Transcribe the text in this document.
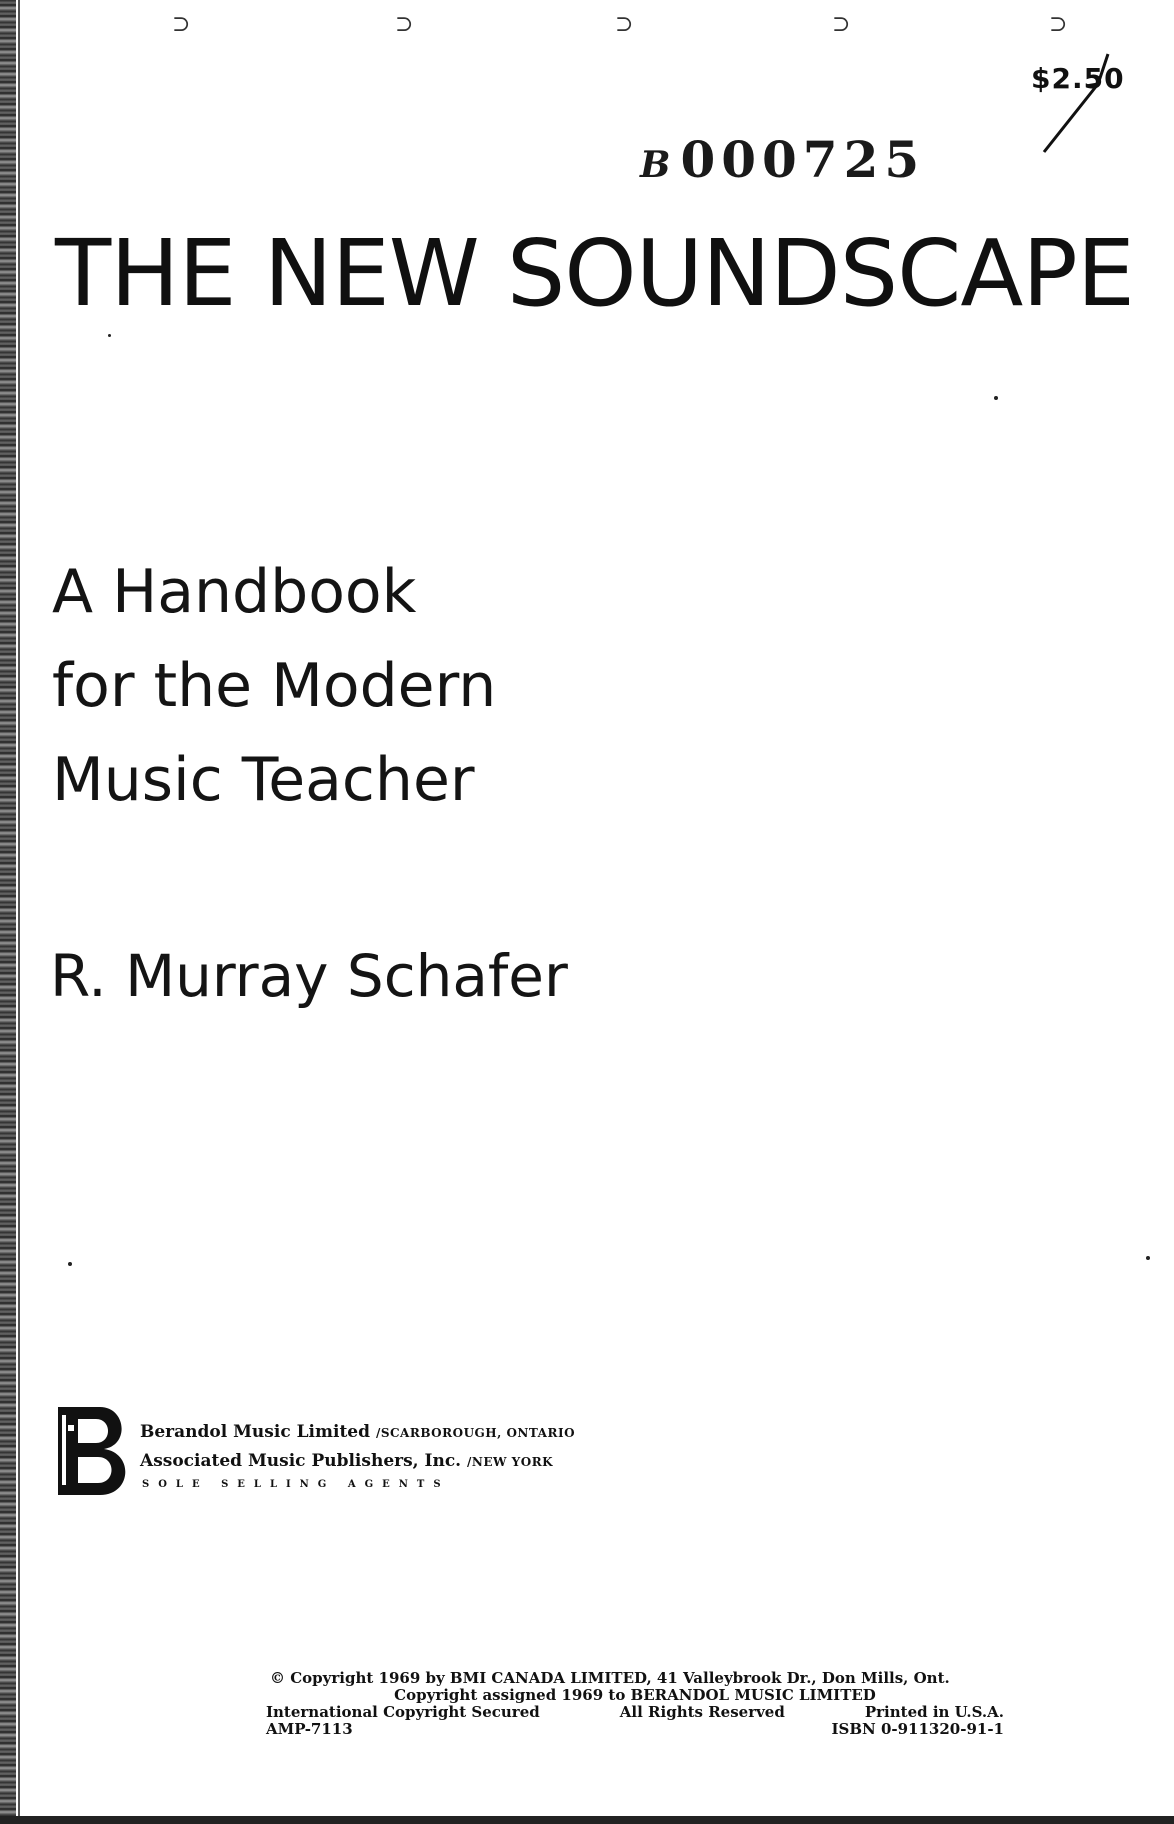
⊃	⊃	⊃	⊃	⊃
$2.50
B000725
THE NEW SOUNDSCAPE
A Handbook
for the Modern
Music Teacher
R. Murray Schafer
Berandol Music Limited /SCARBOROUGH, ONTARIO
Associated Music Publishers, Inc. /NEW YORK
SOLE SELLING AGENTS
© Copyright 1969 by BMI CANADA LIMITED, 41 Valleybrook Dr., Don Mills, Ont.
Copyright assigned 1969 to BERANDOL MUSIC LIMITED
International Copyright Secured	All Rights Reserved	Printed in U.S.A.
AMP-7113	ISBN 0-911320-91-1
